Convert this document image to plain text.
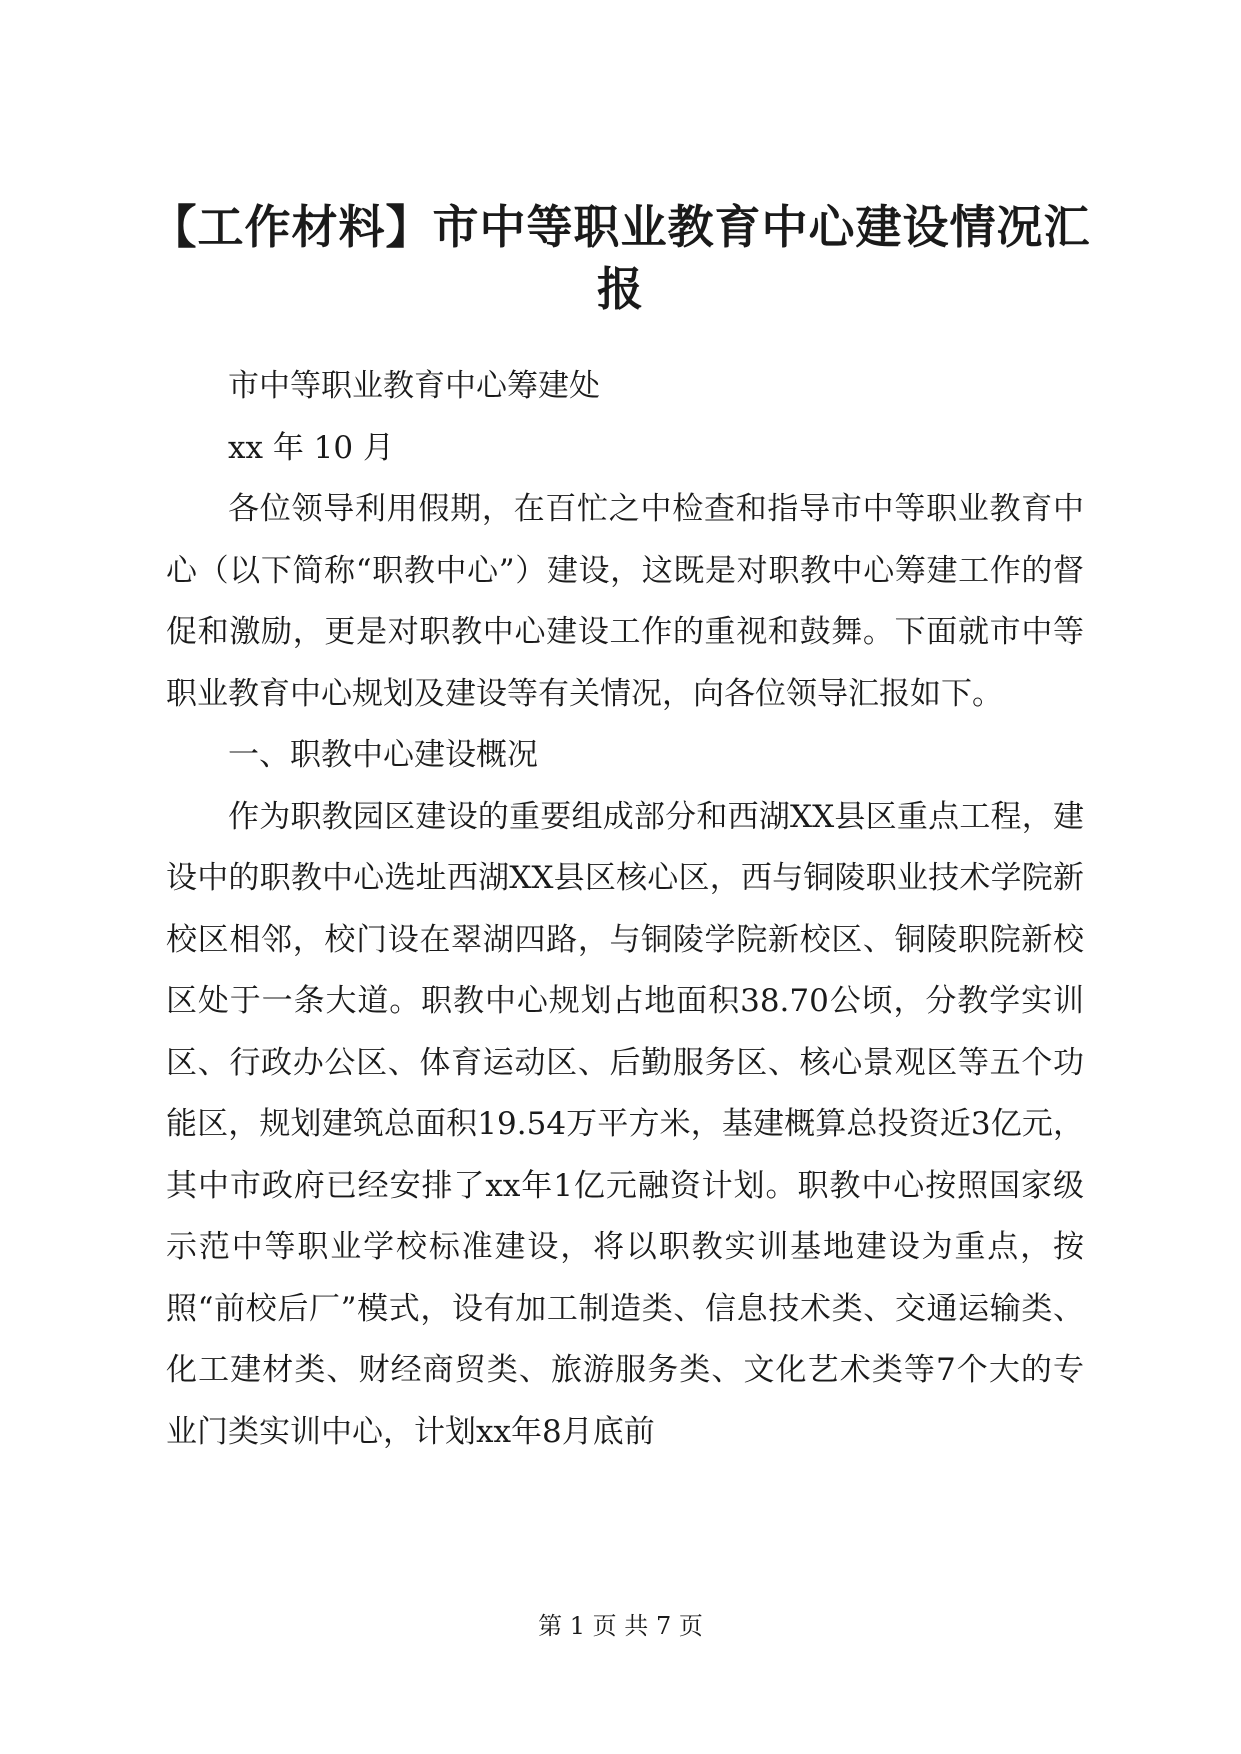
【工作材料】市中等职业教育中心建设情况汇
报

市中等职业教育中心筹建处

xx 年 10 月

各位领导利用假期，在百忙之中检查和指导市中等职业教育中心（以下简称“职教中心”）建设，这既是对职教中心筹建工作的督促和激励，更是对职教中心建设工作的重视和鼓舞。下面就市中等职业教育中心规划及建设等有关情况，向各位领导汇报如下。

一、职教中心建设概况

作为职教园区建设的重要组成部分和西湖XX县区重点工程，建设中的职教中心选址西湖XX县区核心区，西与铜陵职业技术学院新校区相邻，校门设在翠湖四路，与铜陵学院新校区、铜陵职院新校区处于一条大道。职教中心规划占地面积38.70公顷，分教学实训区、行政办公区、体育运动区、后勤服务区、核心景观区等五个功能区，规划建筑总面积19.54万平方米，基建概算总投资近3亿元，其中市政府已经安排了xx年1亿元融资计划。职教中心按照国家级示范中等职业学校标准建设，将以职教实训基地建设为重点，按照“前校后厂”模式，设有加工制造类、信息技术类、交通运输类、化工建材类、财经商贸类、旅游服务类、文化艺术类等7个大的专业门类实训中心，计划xx年8月底前

第 1 页 共 7 页
